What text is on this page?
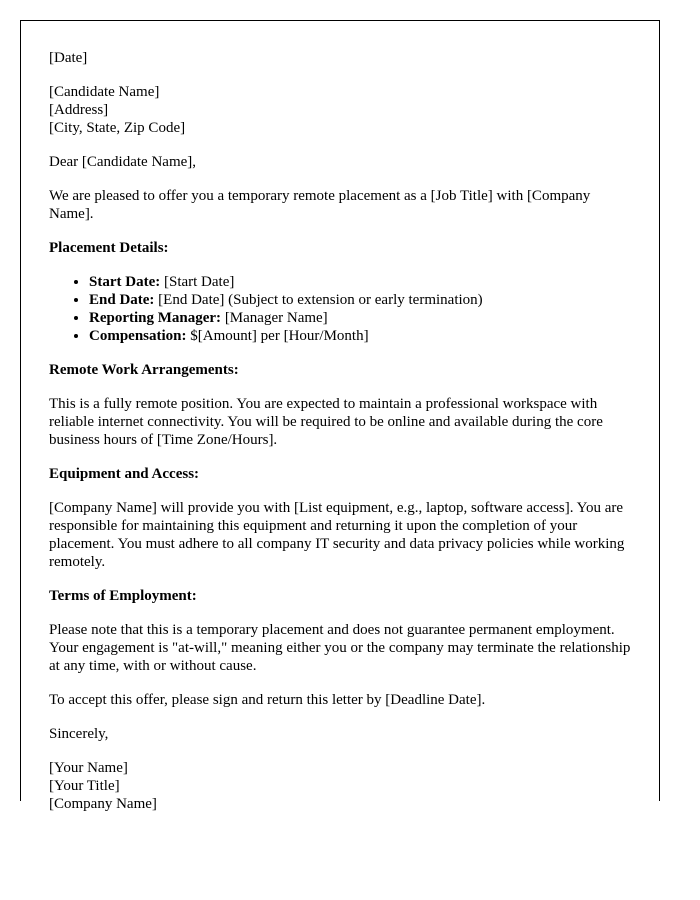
[Date]

[Candidate Name]
[Address]
[City, State, Zip Code]

Dear [Candidate Name],

We are pleased to offer you a temporary remote placement as a [Job Title] with [Company Name].

Placement Details:

• Start Date: [Start Date]
• End Date: [End Date] (Subject to extension or early termination)
• Reporting Manager: [Manager Name]
• Compensation: $[Amount] per [Hour/Month]

Remote Work Arrangements:

This is a fully remote position. You are expected to maintain a professional workspace with reliable internet connectivity. You will be required to be online and available during the core business hours of [Time Zone/Hours].

Equipment and Access:

[Company Name] will provide you with [List equipment, e.g., laptop, software access]. You are responsible for maintaining this equipment and returning it upon the completion of your placement. You must adhere to all company IT security and data privacy policies while working remotely.

Terms of Employment:

Please note that this is a temporary placement and does not guarantee permanent employment. Your engagement is "at-will," meaning either you or the company may terminate the relationship at any time, with or without cause.

To accept this offer, please sign and return this letter by [Deadline Date].

Sincerely,

[Your Name]
[Your Title]
[Company Name]
